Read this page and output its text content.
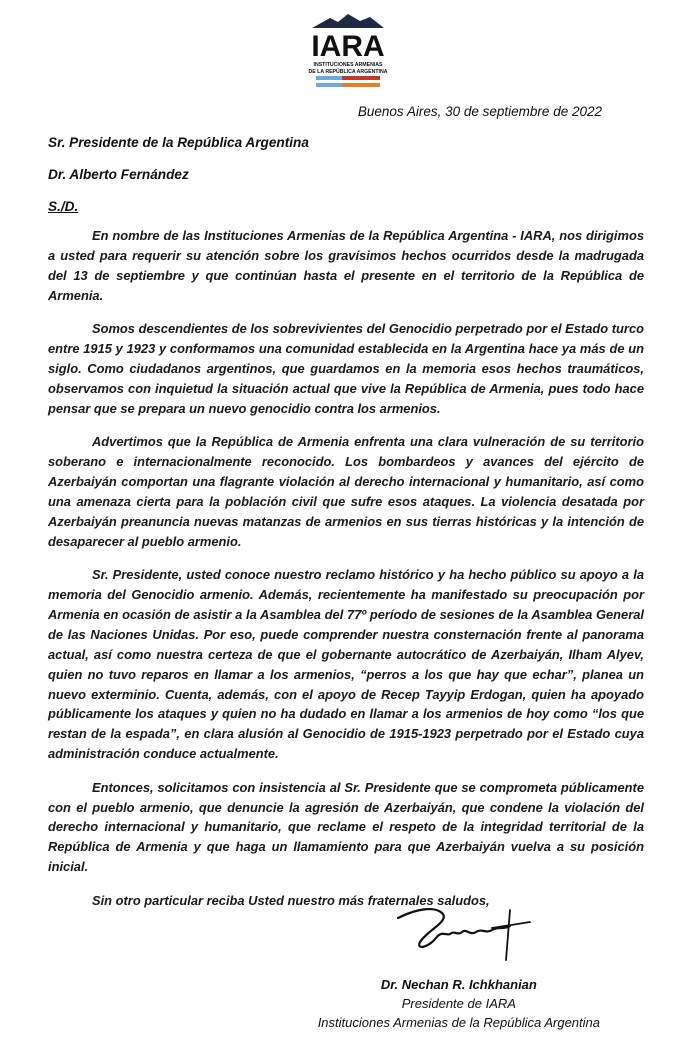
IARA
INSTITUCIONES ARMENIAS
DE LA REPÚBLICA ARGENTINA
Buenos Aires, 30 de septiembre de 2022
Sr. Presidente de la República Argentina
Dr. Alberto Fernández
S./D.

En nombre de las Instituciones Armenias de la República Argentina - IARA, nos dirigimos a usted para requerir su atención sobre los gravísimos hechos ocurridos desde la madrugada del 13 de septiembre y que continúan hasta el presente en el territorio de la República de Armenia.

Somos descendientes de los sobrevivientes del Genocidio perpetrado por el Estado turco entre 1915 y 1923 y conformamos una comunidad establecida en la Argentina hace ya más de un siglo. Como ciudadanos argentinos, que guardamos en la memoria esos hechos traumáticos, observamos con inquietud la situación actual que vive la República de Armenia, pues todo hace pensar que se prepara un nuevo genocidio contra los armenios.

Advertimos que la República de Armenia enfrenta una clara vulneración de su territorio soberano e internacionalmente reconocido. Los bombardeos y avances del ejército de Azerbaiyán comportan una flagrante violación al derecho internacional y humanitario, así como una amenaza cierta para la población civil que sufre esos ataques. La violencia desatada por Azerbaiyán preanuncia nuevas matanzas de armenios en sus tierras históricas y la intención de desaparecer al pueblo armenio.

Sr. Presidente, usted conoce nuestro reclamo histórico y ha hecho público su apoyo a la memoria del Genocidio armenio. Además, recientemente ha manifestado su preocupación por Armenia en ocasión de asistir a la Asamblea del 77º período de sesiones de la Asamblea General de las Naciones Unidas. Por eso, puede comprender nuestra consternación frente al panorama actual, así como nuestra certeza de que el gobernante autocrático de Azerbaiyán, Ilham Alyev, quien no tuvo reparos en llamar a los armenios, “perros a los que hay que echar”, planea un nuevo exterminio. Cuenta, además, con el apoyo de Recep Tayyip Erdogan, quien ha apoyado públicamente los ataques y quien no ha dudado en llamar a los armenios de hoy como “los que restan de la espada”, en clara alusión al Genocidio de 1915-1923 perpetrado por el Estado cuya administración conduce actualmente.

Entonces, solicitamos con insistencia al Sr. Presidente que se comprometa públicamente con el pueblo armenio, que denuncie la agresión de Azerbaiyán, que condene la violación del derecho internacional y humanitario, que reclame el respeto de la integridad territorial de la República de Armenia y que haga un llamamiento para que Azerbaiyán vuelva a su posición inicial.

Sin otro particular reciba Usted nuestro más fraternales saludos,

Dr. Nechan R. Ichkhanian
Presidente de IARA
Instituciones Armenias de la República Argentina
